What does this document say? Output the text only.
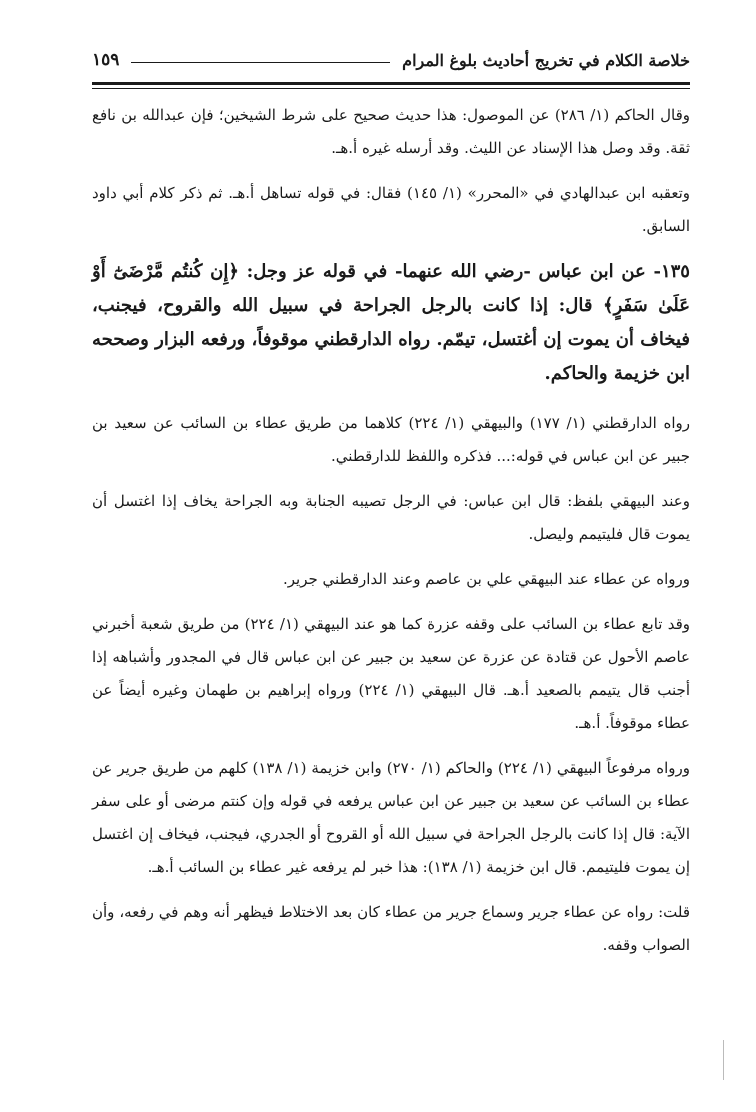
خلاصة الكلام في تخريج أحاديث بلوغ المرام
١٥٩

وقال الحاكم (١/ ٢٨٦) عن الموصول: هذا حديث صحيح على شرط الشيخين؛ فإن عبدالله بن نافع ثقة. وقد وصل هذا الإسناد عن الليث. وقد أرسله غيره أ.هـ.

وتعقبه ابن عبدالهادي في «المحرر» (١/ ١٤٥) فقال: في قوله تساهل أ.هـ. ثم ذكر كلام أبي داود السابق.

١٣٥- عن ابن عباس -رضي الله عنهما- في قوله عز وجل: ﴿إِن كُنتُم مَّرْضَىٰٓ أَوْ عَلَىٰ سَفَرٍ﴾ قال: إذا كانت بالرجل الجراحة في سبيل الله والقروح، فيجنب، فيخاف أن يموت إن أغتسل، تيمّم. رواه الدارقطني موقوفاً، ورفعه البزار وصححه ابن خزيمة والحاكم.

رواه الدارقطني (١/ ١٧٧) والبيهقي (١/ ٢٢٤) كلاهما من طريق عطاء بن السائب عن سعيد بن جبير عن ابن عباس في قوله:... فذكره واللفظ للدارقطني.

وعند البيهقي بلفظ: قال ابن عباس: في الرجل تصيبه الجنابة وبه الجراحة يخاف إذا اغتسل أن يموت قال فليتيمم وليصل.

ورواه عن عطاء عند البيهقي علي بن عاصم وعند الدارقطني جرير.

وقد تابع عطاء بن السائب على وقفه عزرة كما هو عند البيهقي (١/ ٢٢٤) من طريق شعبة أخبرني عاصم الأحول عن قتادة عن عزرة عن سعيد بن جبير عن ابن عباس قال في المجدور وأشباهه إذا أجنب قال يتيمم بالصعيد أ.هـ. قال البيهقي (١/ ٢٢٤) ورواه إبراهيم بن طهمان وغيره أيضاً عن عطاء موقوفاً. أ.هـ.

ورواه مرفوعاً البيهقي (١/ ٢٢٤) والحاكم (١/ ٢٧٠) وابن خزيمة (١/ ١٣٨) كلهم من طريق جرير عن عطاء بن السائب عن سعيد بن جبير عن ابن عباس يرفعه في قوله وإن كنتم مرضى أو على سفر الآية: قال إذا كانت بالرجل الجراحة في سبيل الله أو القروح أو الجدري، فيجنب، فيخاف إن اغتسل إن يموت فليتيمم. قال ابن خزيمة (١/ ١٣٨): هذا خبر لم يرفعه غير عطاء بن السائب أ.هـ.

قلت: رواه عن عطاء جرير وسماع جرير من عطاء كان بعد الاختلاط فيظهر أنه وهم في رفعه، وأن الصواب وقفه.
